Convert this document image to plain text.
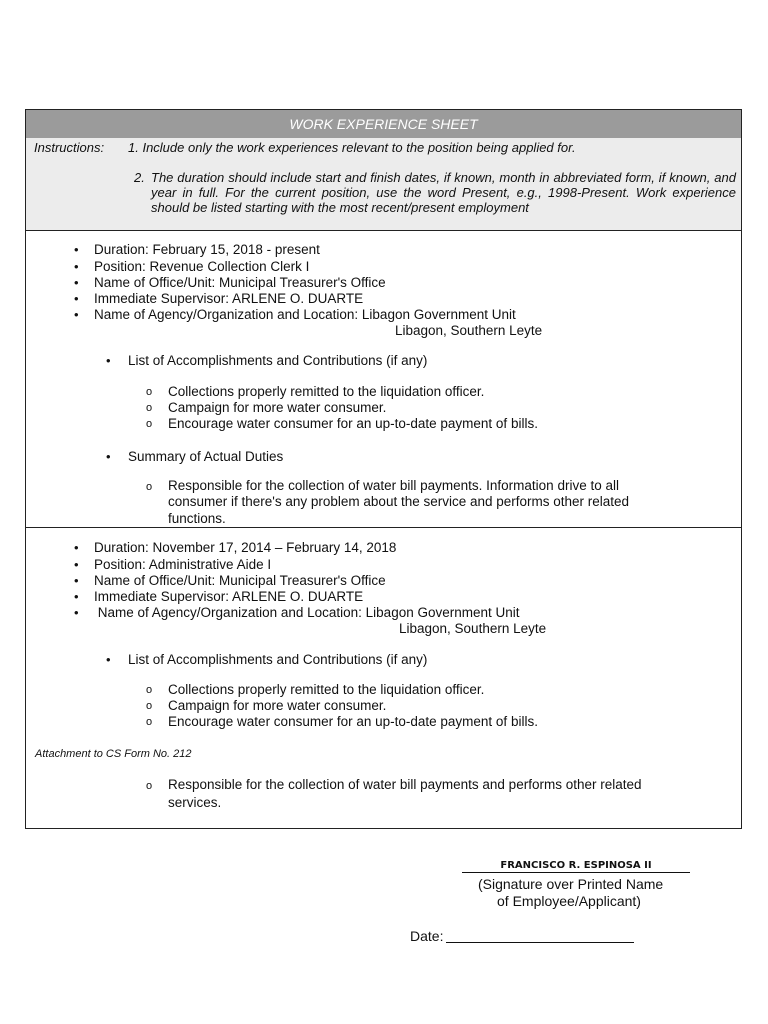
WORK EXPERIENCE SHEET
Instructions: 1. Include only the work experiences relevant to the position being applied for.
2. The duration should include start and finish dates, if known, month in abbreviated form, if known, and year in full. For the current position, use the word Present, e.g., 1998-Present. Work experience should be listed starting with the most recent/present employment
• Duration: February 15, 2018 - present
• Position: Revenue Collection Clerk I
• Name of Office/Unit: Municipal Treasurer's Office
• Immediate Supervisor: ARLENE O. DUARTE
• Name of Agency/Organization and Location: Libagon Government Unit
Libagon, Southern Leyte
• List of Accomplishments and Contributions (if any)
o Collections properly remitted to the liquidation officer.
o Campaign for more water consumer.
o Encourage water consumer for an up-to-date payment of bills.
• Summary of Actual Duties
o Responsible for the collection of water bill payments. Information drive to all
consumer if there's any problem about the service and performs other related
functions.
• Duration: November 17, 2014 – February 14, 2018
• Position: Administrative Aide I
• Name of Office/Unit: Municipal Treasurer's Office
• Immediate Supervisor: ARLENE O. DUARTE
• Name of Agency/Organization and Location: Libagon Government Unit
Libagon, Southern Leyte
• List of Accomplishments and Contributions (if any)
o Collections properly remitted to the liquidation officer.
o Campaign for more water consumer.
o Encourage water consumer for an up-to-date payment of bills.
Attachment to CS Form No. 212
o Responsible for the collection of water bill payments and performs other related
services.
FRANCISCO R. ESPINOSA II
(Signature over Printed Name
of Employee/Applicant)
Date:
